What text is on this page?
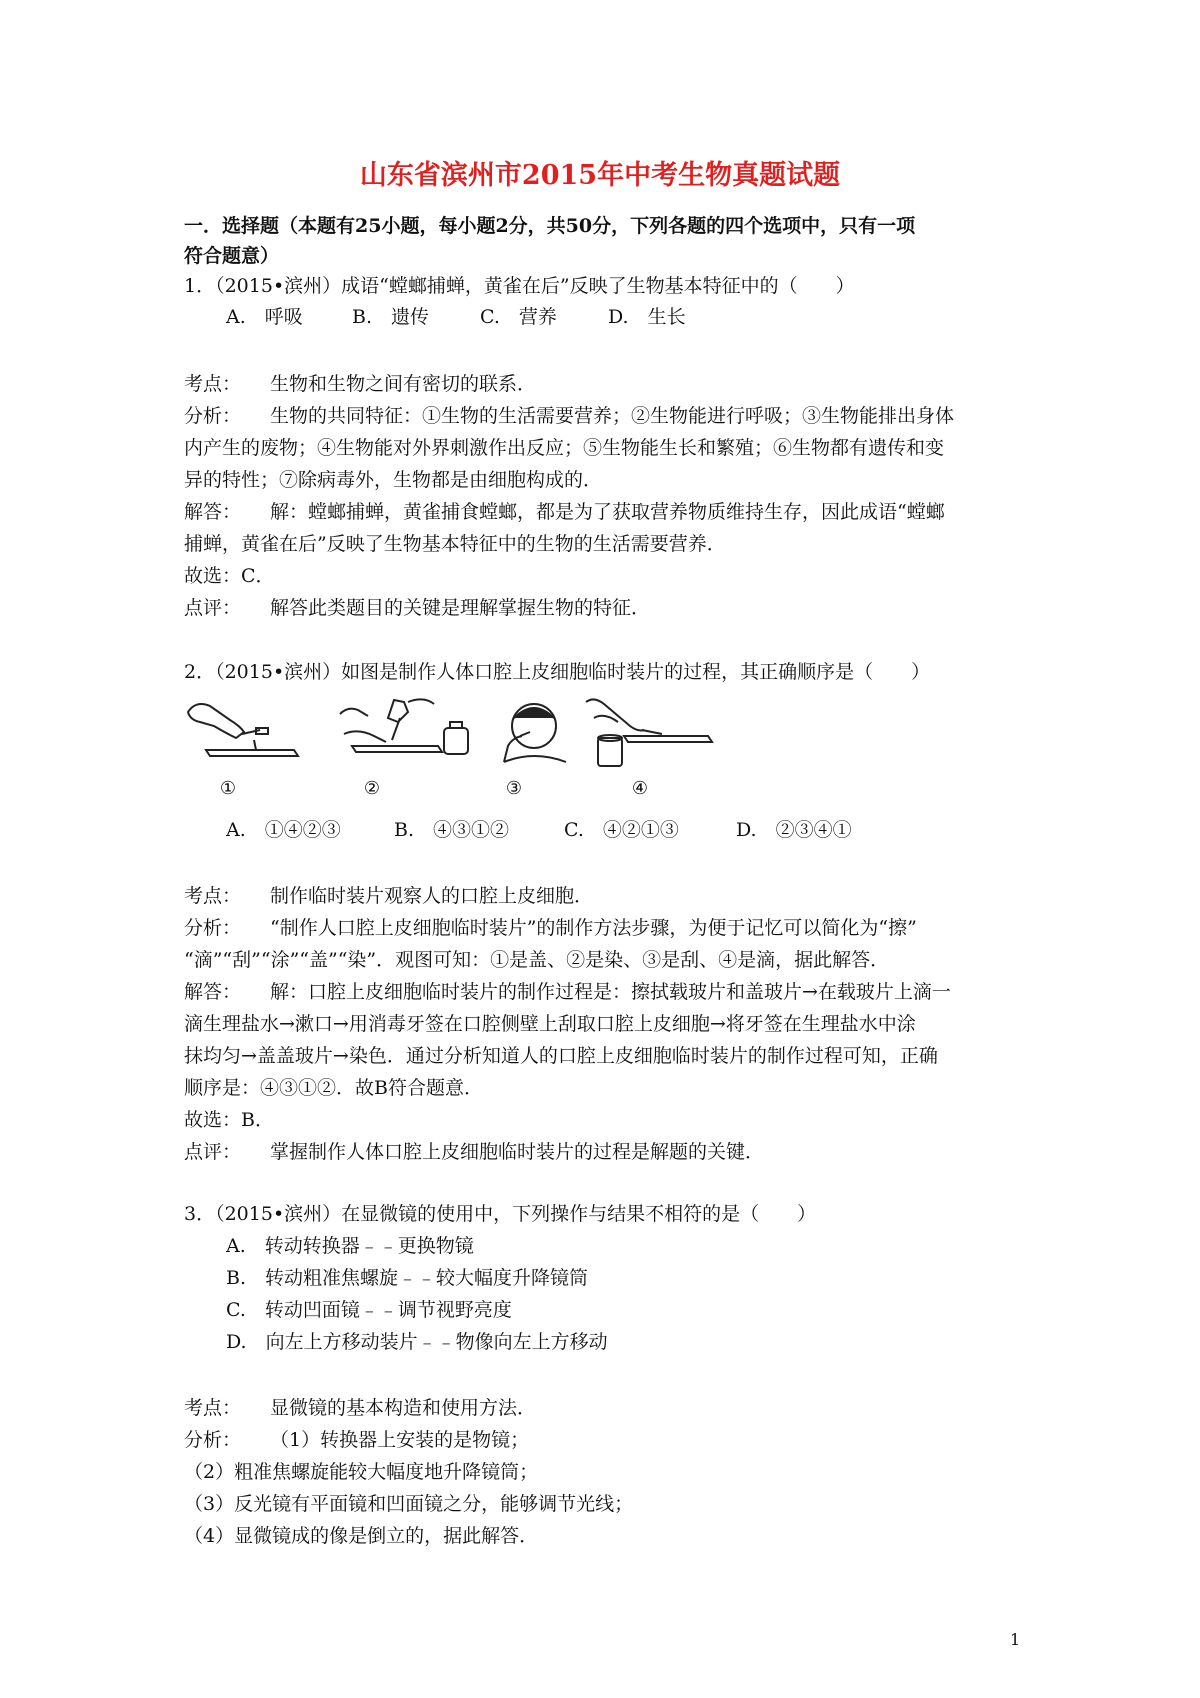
山东省滨州市2015年中考生物真题试题
一．选择题（本题有25小题，每小题2分，共50分，下列各题的四个选项中，只有一项
符合题意）
1．（2015•滨州）成语“螳螂捕蝉，黄雀在后”反映了生物基本特征中的（　　）
A.　呼吸	B.　遗传	C.　营养	D.　生长
考点： 生物和生物之间有密切的联系．
分析： 生物的共同特征：①生物的生活需要营养；②生物能进行呼吸；③生物能排出身体
内产生的废物；④生物能对外界刺激作出反应；⑤生物能生长和繁殖；⑥生物都有遗传和变
异的特性；⑦除病毒外，生物都是由细胞构成的．
解答： 解：螳螂捕蝉，黄雀捕食螳螂，都是为了获取营养物质维持生存，因此成语“螳螂
捕蝉，黄雀在后”反映了生物基本特征中的生物的生活需要营养．
故选：C．
点评： 解答此类题目的关键是理解掌握生物的特征．
2．（2015•滨州）如图是制作人体口腔上皮细胞临时装片的过程，其正确顺序是（　　）
①	②	③	④
A.　①④②③	B.　④③①②	C.　④②①③	D.　②③④①
考点： 制作临时装片观察人的口腔上皮细胞．
分析： “制作人口腔上皮细胞临时装片”的制作方法步骤，为便于记忆可以简化为“擦”
“滴”“刮”“涂”“盖”“染”．观图可知：①是盖、②是染、③是刮、④是滴，据此解答．
解答： 解：口腔上皮细胞临时装片的制作过程是：擦拭载玻片和盖玻片→在载玻片上滴一
滴生理盐水→漱口→用消毒牙签在口腔侧壁上刮取口腔上皮细胞→将牙签在生理盐水中涂
抹均匀→盖盖玻片→染色．通过分析知道人的口腔上皮细胞临时装片的制作过程可知，正确
顺序是：④③①②．故B符合题意．
故选：B．
点评： 掌握制作人体口腔上皮细胞临时装片的过程是解题的关键．
3．（2015•滨州）在显微镜的使用中，下列操作与结果不相符的是（　　）
A.　转动转换器﹣﹣更换物镜
B.　转动粗准焦螺旋﹣﹣较大幅度升降镜筒
C.　转动凹面镜﹣﹣调节视野亮度
D.　向左上方移动装片﹣﹣物像向左上方移动
考点： 显微镜的基本构造和使用方法．
分析： （1）转换器上安装的是物镜；
（2）粗准焦螺旋能较大幅度地升降镜筒；
（3）反光镜有平面镜和凹面镜之分，能够调节光线；
（4）显微镜成的像是倒立的，据此解答．
1
